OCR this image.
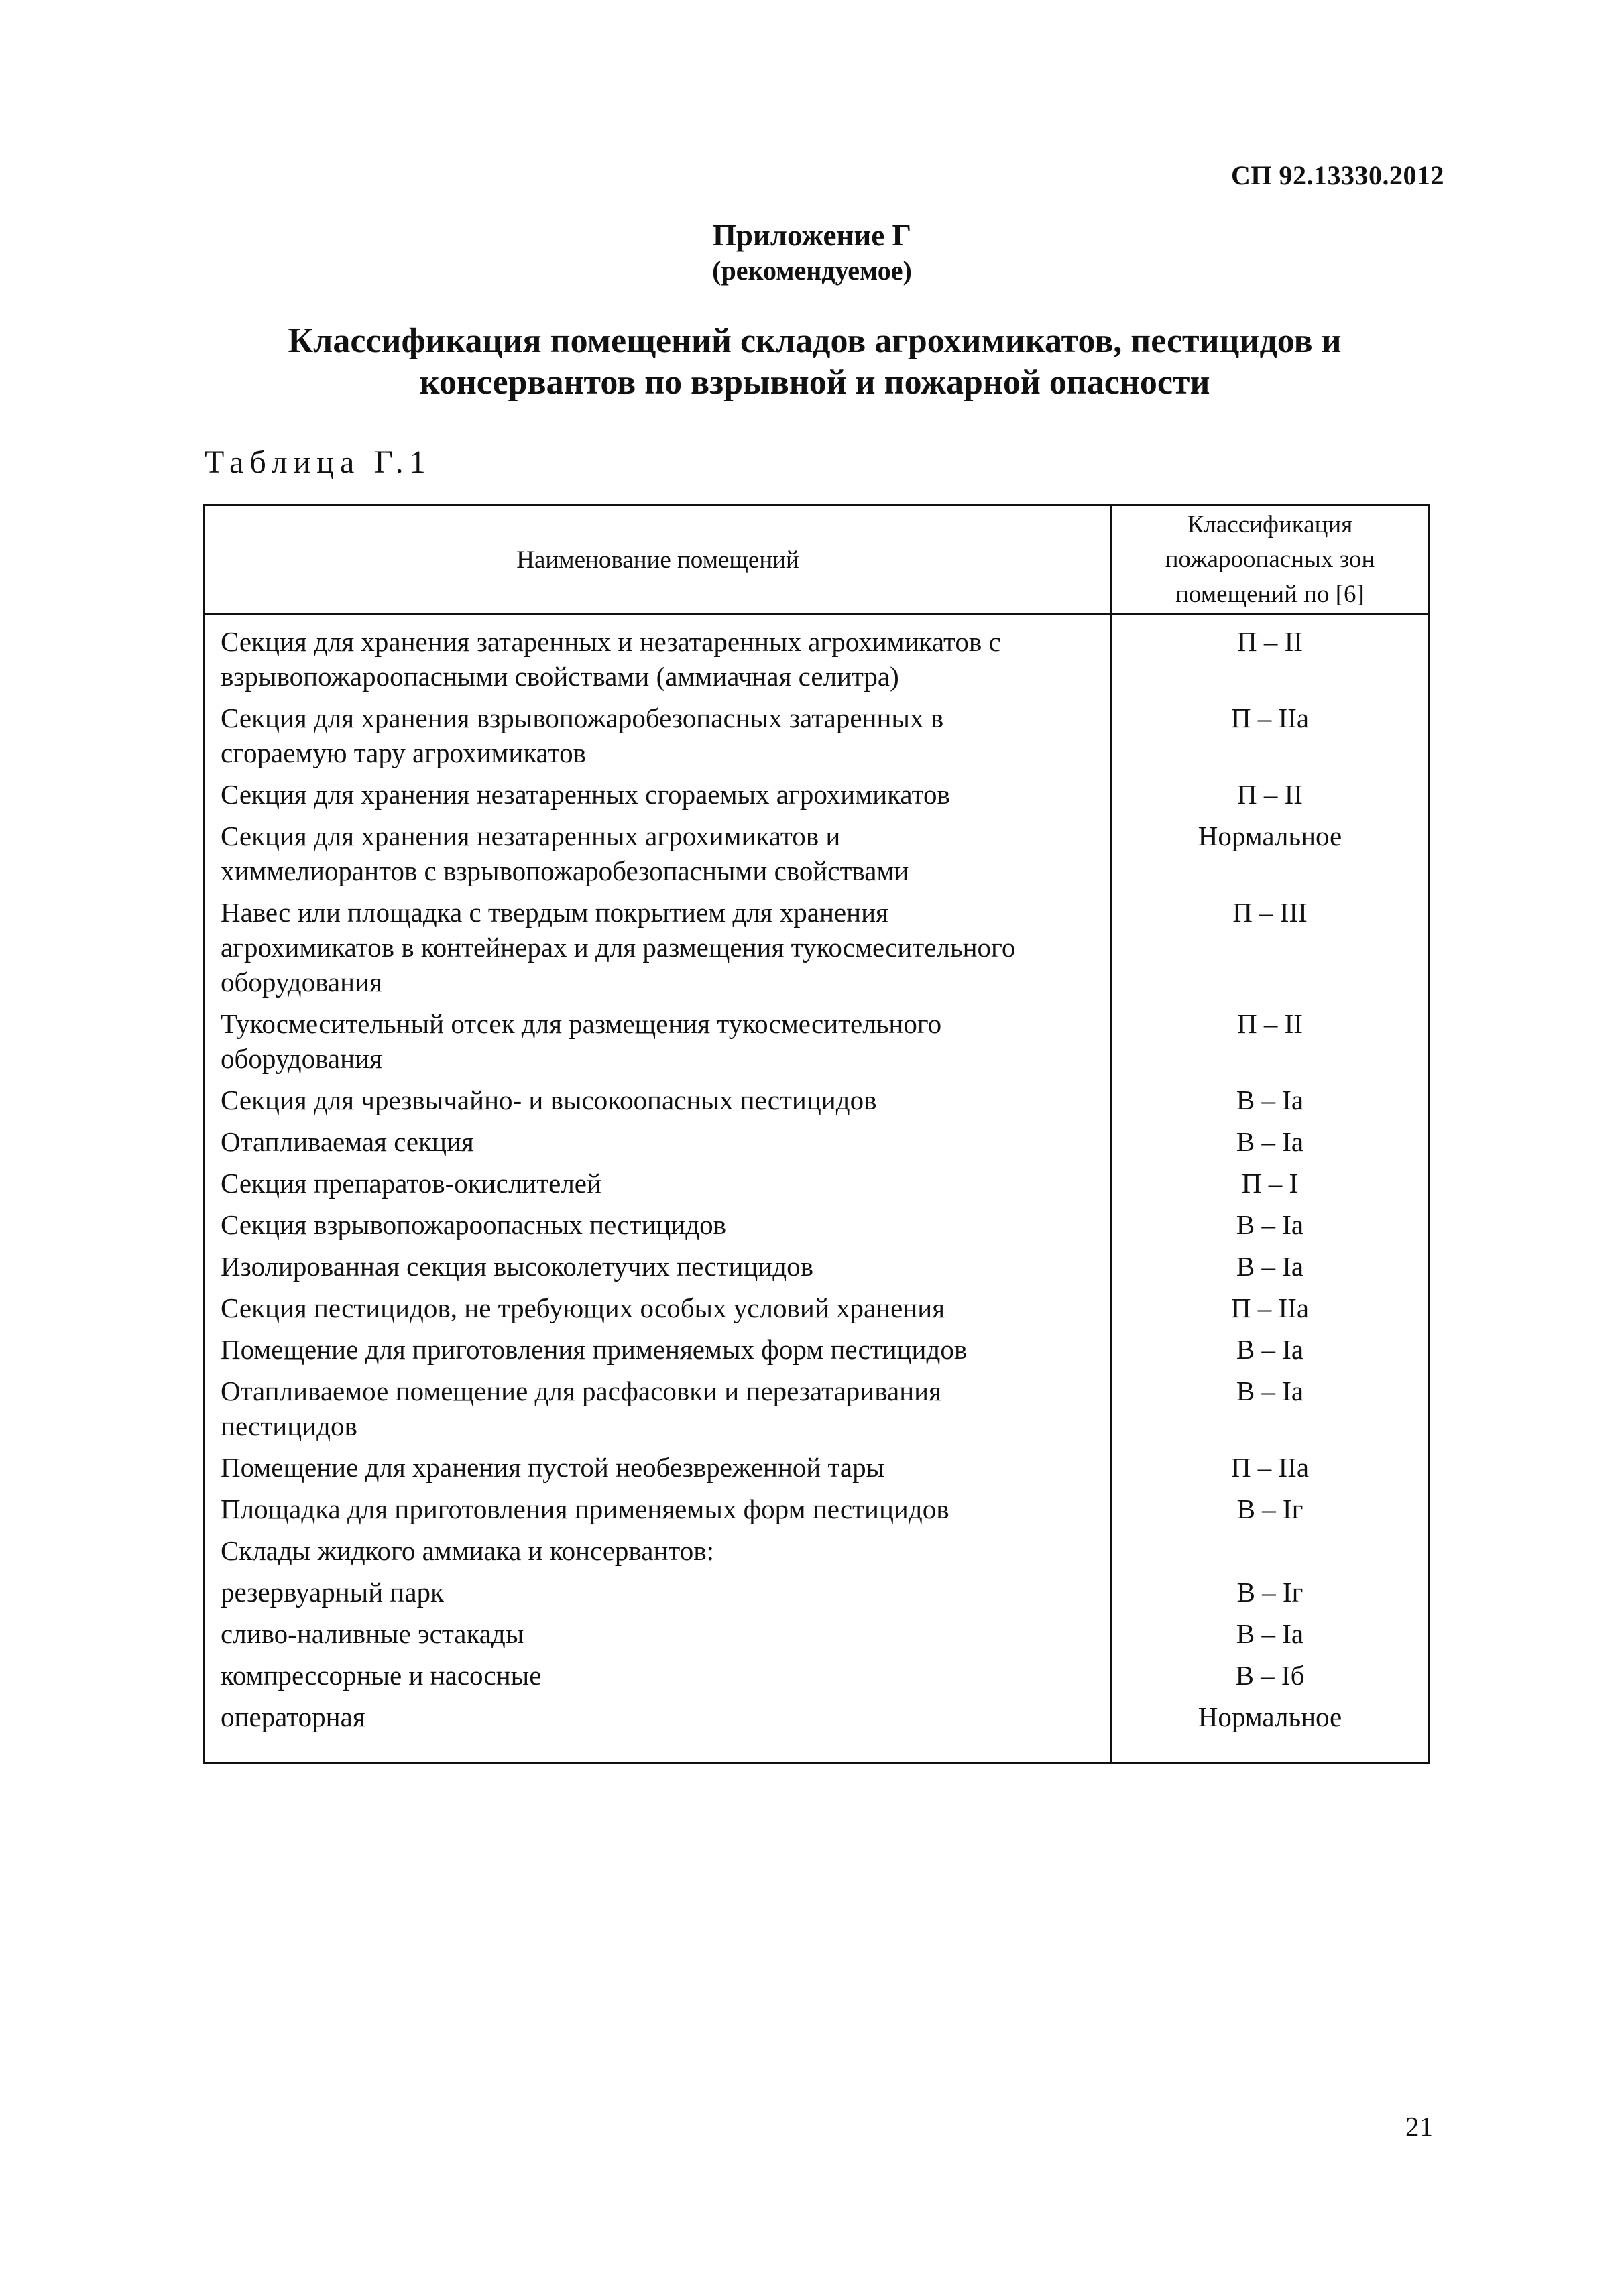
СП 92.13330.2012
Приложение Г
(рекомендуемое)
Классификация помещений складов агрохимикатов, пестицидов и
консервантов по взрывной и пожарной опасности
Таблица Г.1
Наименование помещений
Классификация
пожароопасных зон
помещений по [6]
Секция для хранения затаренных и незатаренных агрохимикатов с
взрывопожароопасными свойствами (аммиачная селитра)
П – II
Секция для хранения взрывопожаробезопасных затаренных в
сгораемую тару агрохимикатов
П – IIа
Секция для хранения незатаренных сгораемых агрохимикатов	П – II
Секция для хранения незатаренных агрохимикатов и
химмелиорантов с взрывопожаробезопасными свойствами
Нормальное
Навес или площадка с твердым покрытием для хранения
агрохимикатов в контейнерах и для размещения тукосмесительного
оборудования
П – III
Тукосмесительный отсек для размещения тукосмесительного
оборудования
П – II
Секция для чрезвычайно- и высокоопасных пестицидов	В – Iа
Отапливаемая секция	В – Iа
Секция препаратов-окислителей	П – I
Секция взрывопожароопасных пестицидов	В – Iа
Изолированная секция высоколетучих пестицидов	В – Iа
Секция пестицидов, не требующих особых условий хранения	П – IIа
Помещение для приготовления применяемых форм пестицидов	В – Iа
Отапливаемое помещение для расфасовки и перезатаривания
пестицидов
В – Iа
Помещение для хранения пустой необезвреженной тары	П – IIа
Площадка для приготовления применяемых форм пестицидов	В – Iг
Склады жидкого аммиака и консервантов:
резервуарный парк	В – Iг
сливо-наливные эстакады	В – Iа
компрессорные и насосные	В – Iб
операторная	Нормальное
21
